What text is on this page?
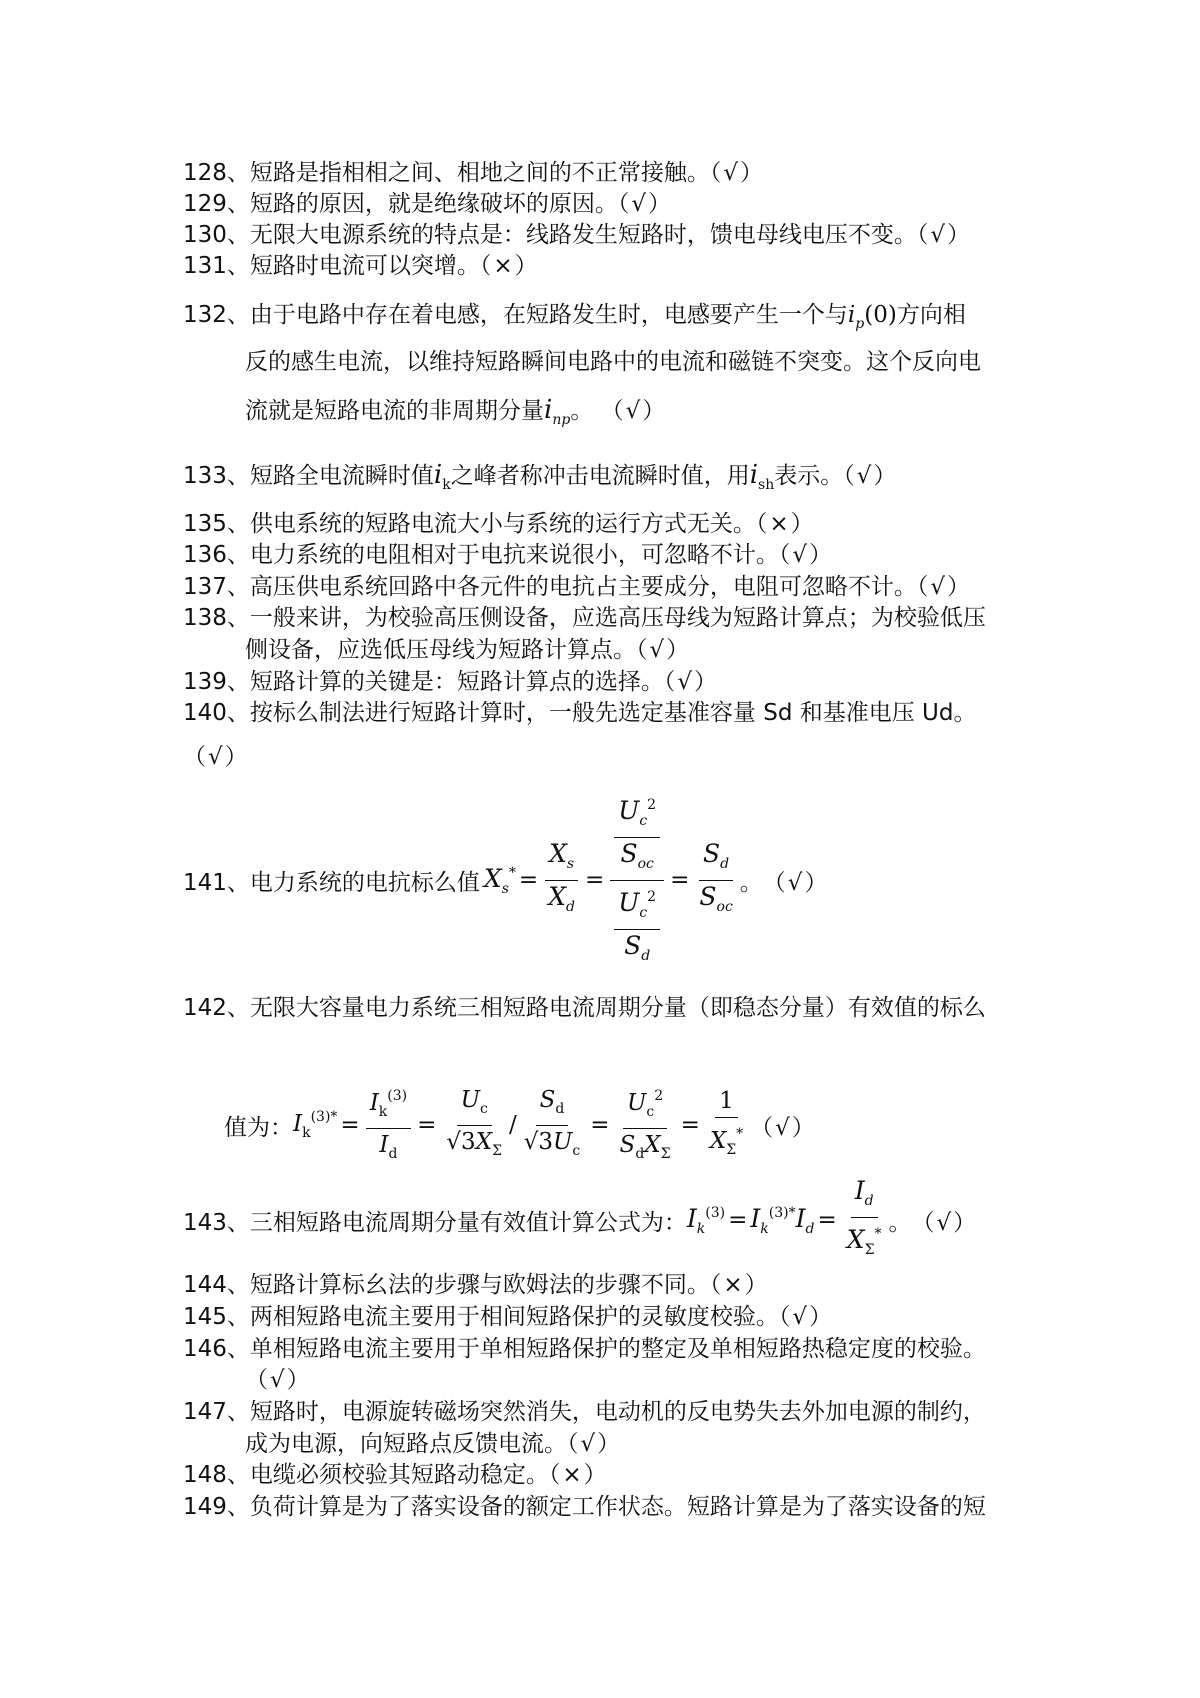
128、短路是指相相之间、相地之间的不正常接触。（√）
129、短路的原因，就是绝缘破坏的原因。（√）
130、无限大电源系统的特点是：线路发生短路时，馈电母线电压不变。（√）
131、短路时电流可以突增。（×）
132、由于电路中存在着电感，在短路发生时，电感要产生一个与$i_p(0)$方向相
反的感生电流，以维持短路瞬间电路中的电流和磁链不突变。这个反向电
流就是短路电流的非周期分量$i_{np}$。 （√）
133、短路全电流瞬时值$i_k$之峰者称冲击电流瞬时值，用$i_{sh}$表示。（√）
135、供电系统的短路电流大小与系统的运行方式无关。（×）
136、电力系统的电阻相对于电抗来说很小，可忽略不计。（√）
137、高压供电系统回路中各元件的电抗占主要成分，电阻可忽略不计。（√）
138、一般来讲，为校验高压侧设备，应选高压母线为短路计算点；为校验低压
侧设备，应选低压母线为短路计算点。（√）
139、短路计算的关键是：短路计算点的选择。（√）
140、按标么制法进行短路计算时，一般先选定基准容量 Sd 和基准电压 Ud。
（√）
141、 电力系统的电抗标么值 $X_s^* = \frac{X_s}{X_d} = \frac{\frac{U_c^2}{S_{oc}}}{\frac{U_c^2}{S_d}} = \frac{S_d}{S_{oc}}$ 。 （√）
142、无限大容量电力系统三相短路电流周期分量（即稳态分量）有效值的标么
值为： $I_k^{(3)*} = \frac{I_k^{(3)}}{I_d} = \frac{U_c}{√3X_\Sigma} / \frac{S_d}{√3U_c} = \frac{U_c^2}{S_dX_\Sigma} = \frac{1}{X_\Sigma^*}$ （√）
143、 三相短路电流周期分量有效值计算公式为： $I_k^{(3)} = I_k^{(3)*}I_d = \frac{I_d}{X_\Sigma^*}$ 。 （√）
144、短路计算标幺法的步骤与欧姆法的步骤不同。（×）
145、两相短路电流主要用于相间短路保护的灵敏度校验。（√）
146、单相短路电流主要用于单相短路保护的整定及单相短路热稳定度的校验。
（√）
147、短路时，电源旋转磁场突然消失，电动机的反电势失去外加电源的制约，
成为电源，向短路点反馈电流。（√）
148、电缆必须校验其短路动稳定。（×）
149、负荷计算是为了落实设备的额定工作状态。短路计算是为了落实设备的短
